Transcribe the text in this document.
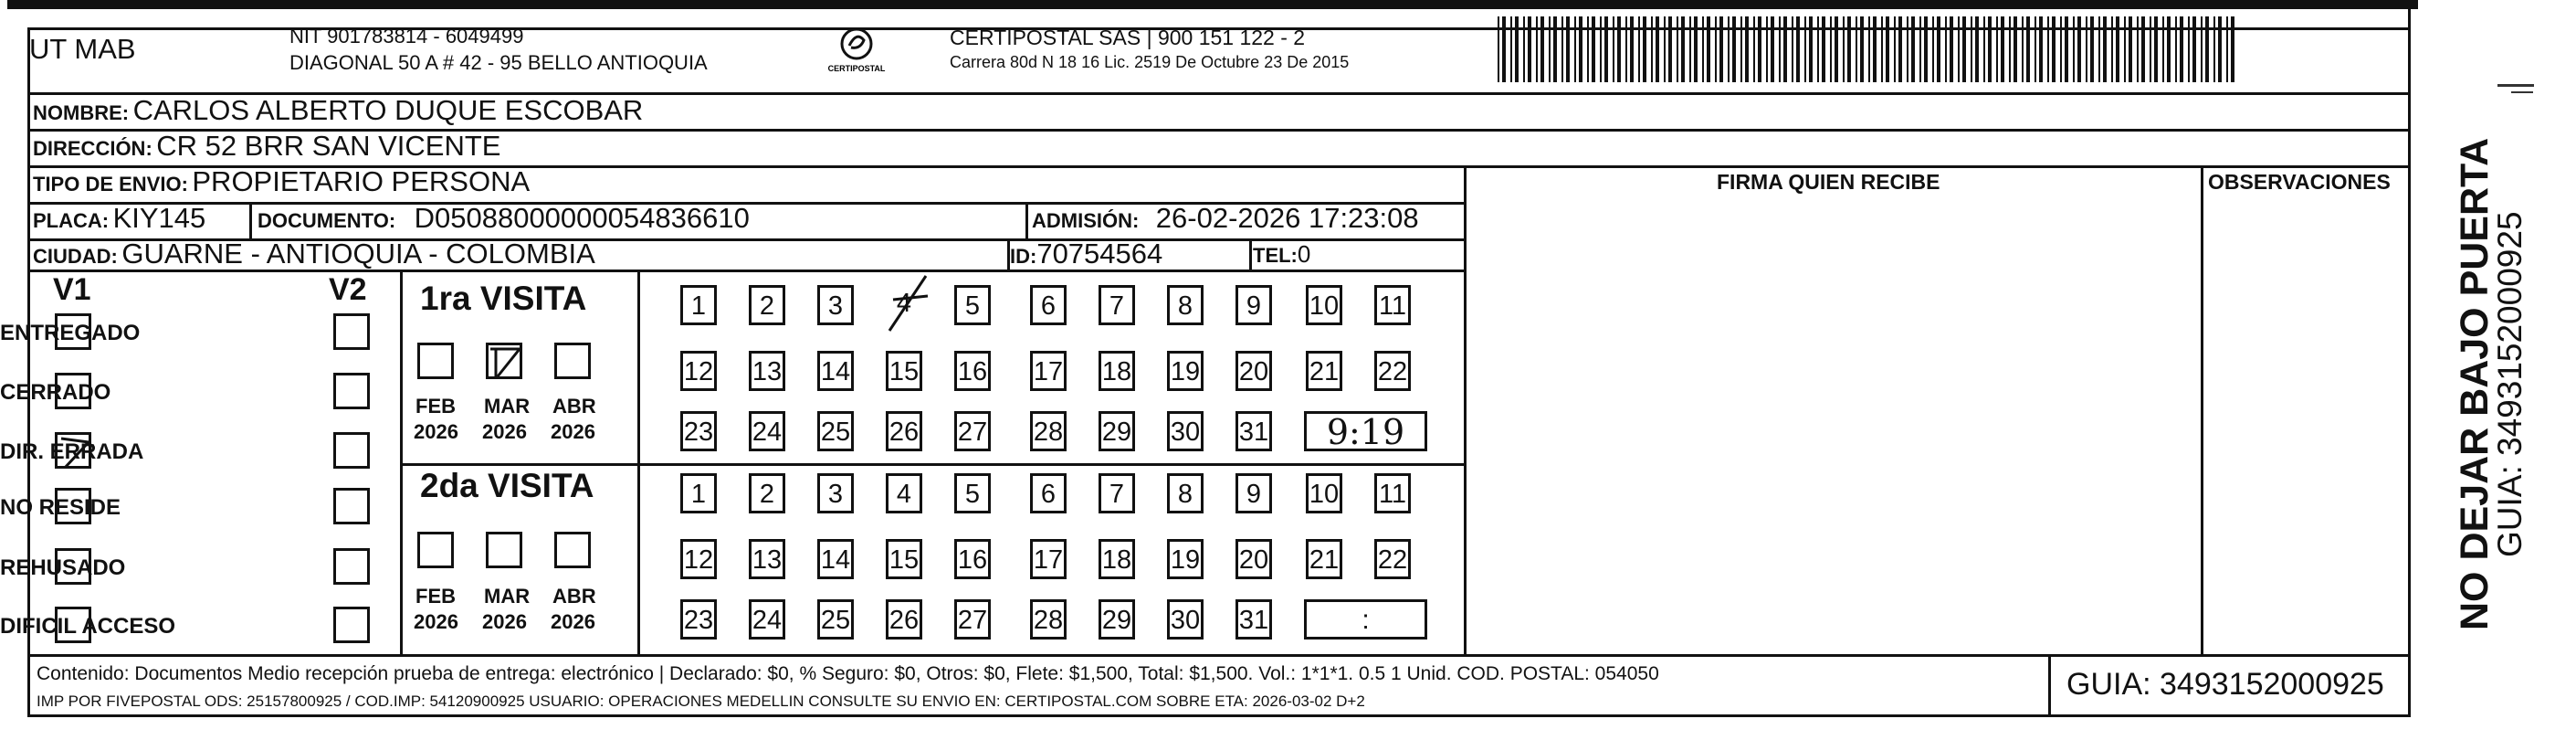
UT MAB	NIT 901783814 - 6049499
DIAGONAL 50 A # 42 - 95 BELLO ANTIOQUIA	CERTIPOSTAL
CERTIPOSTAL SAS | 900 151 122 - 2
Carrera 80d N 18 16 Lic. 2519 De Octubre 23 De 2015
NOMBRE: CARLOS ALBERTO DUQUE ESCOBAR
DIRECCIÓN: CR 52 BRR SAN VICENTE
TIPO DE ENVIO: PROPIETARIO PERSONA
PLACA: KIY145	DOCUMENTO: D05088000000054836610	ADMISIÓN: 26-02-2026 17:23:08
CIUDAD: GUARNE - ANTIOQUIA - COLOMBIA	ID:70754564	TEL:0
FIRMA QUIEN RECIBE	OBSERVACIONES
V1	V2
ENTREGADO
CERRADO
DIR. ERRADA
NO RESIDE
REHUSADO
DIFICIL ACCESO
1ra VISITA
2da VISITA
FEB
2026
MAR
2026
ABR
2026
1	2	3	4	5	6	7	8	9	10 11
12 13 14 15 16 17 18 19 20 21 22
23 24 25 26 27 28 29 30 31	9:19
FEB
2026
MAR
2026
ABR
2026
1	2	3	4	5	6	7	8	9	10 11
12 13 14 15 16 17 18 19 20 21 22
23 24 25 26 27 28 29 30 31	:
Contenido: Documentos Medio recepción prueba de entrega: electrónico | Declarado: $0, % Seguro: $0, Otros: $0, Flete: $1,500, Total: $1,500. Vol.: 1*1*1. 0.5 1 Unid. COD. POSTAL: 054050
IMP POR FIVEPOSTAL ODS: 25157800925 / COD.IMP: 54120900925 USUARIO: OPERACIONES MEDELLIN CONSULTE SU ENVIO EN: CERTIPOSTAL.COM SOBRE ETA: 2026-03-02 D+2	GUIA: 3493152000925
NO DEJAR BAJO PUERTA
GUIA: 3493152000925
